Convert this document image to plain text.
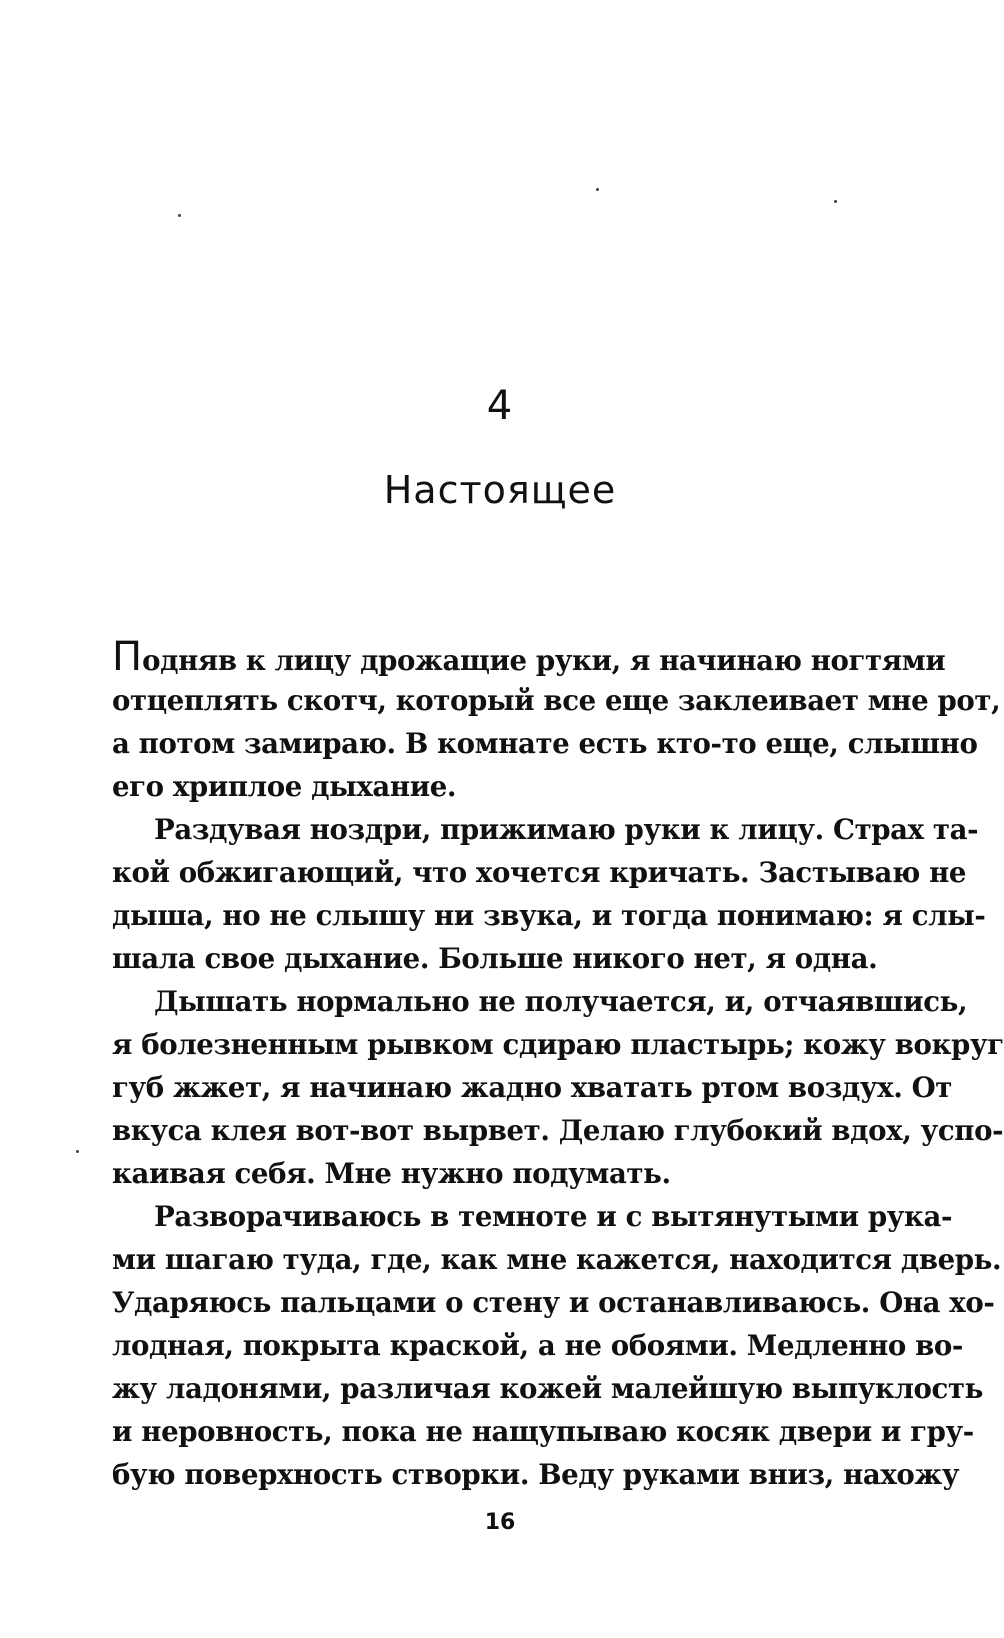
4
Настоящее
Подняв к лицу дрожащие руки, я начинаю ногтями
отцеплять скотч, который все еще заклеивает мне рот,
а потом замираю. В комнате есть кто-то еще, слышно
его хриплое дыхание.
Раздувая ноздри, прижимаю руки к лицу. Страх та-
кой обжигающий, что хочется кричать. Застываю не
дыша, но не слышу ни звука, и тогда понимаю: я слы-
шала свое дыхание. Больше никого нет, я одна.
Дышать нормально не получается, и, отчаявшись,
я болезненным рывком сдираю пластырь; кожу вокруг
губ жжет, я начинаю жадно хватать ртом воздух. От
вкуса клея вот-вот вырвет. Делаю глубокий вдох, успо-
каивая себя. Мне нужно подумать.
Разворачиваюсь в темноте и с вытянутыми рука-
ми шагаю туда, где, как мне кажется, находится дверь.
Ударяюсь пальцами о стену и останавливаюсь. Она хо-
лодная, покрыта краской, а не обоями. Медленно во-
жу ладонями, различая кожей малейшую выпуклость
и неровность, пока не нащупываю косяк двери и гру-
бую поверхность створки. Веду руками вниз, нахожу
16
